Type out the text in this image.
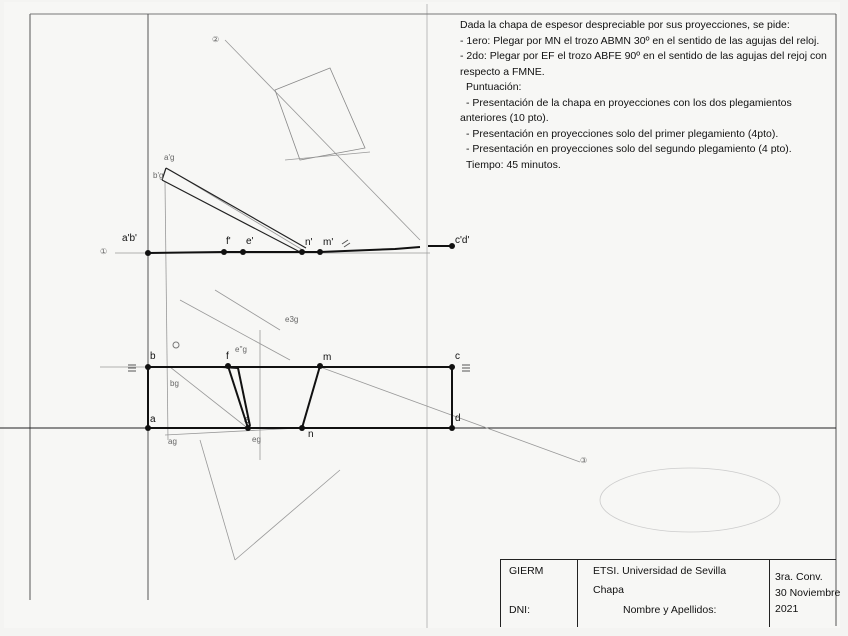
a'b'	f' e'	n' m'	c'd'
b	f	m	c
a	e
n
d
a'g
b'g
e''g
bg
ag	eg
e3g
①
②
③
Dada la chapa de espesor despreciable por sus proyecciones, se pide:
- 1ero: Plegar por MN el trozo ABMN 30º en el sentido de las agujas del reloj.
- 2do: Plegar por EF el trozo ABFE 90º en el sentido de las agujas del rejoj con
respecto a FMNE.
Puntuación:
- Presentación de la chapa en proyecciones con los dos plegamientos
anteriores (10 pto).
- Presentación en proyecciones solo del primer plegamiento (4pto).
- Presentación en proyecciones solo del segundo plegamiento (4 pto).
Tiempo: 45 minutos.
GIERM	ETSI. Universidad de Sevilla
Chapa
DNI:	Nombre y Apellidos:
3ra. Conv.
30 Noviembre
2021
